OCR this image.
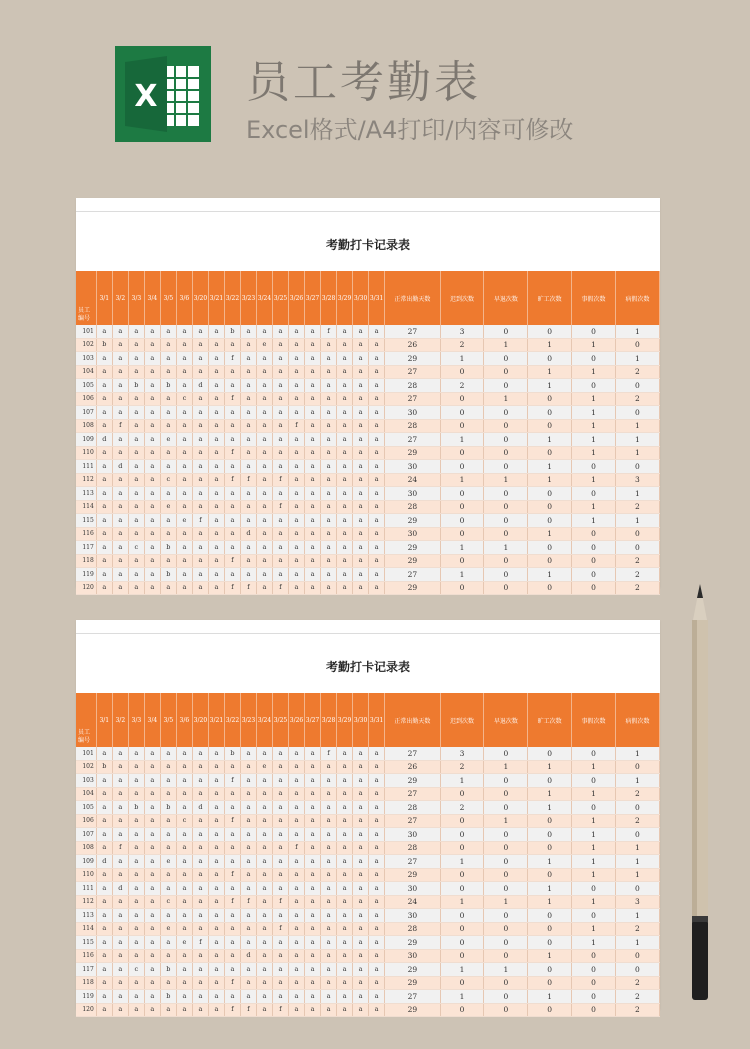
X 员工考勤表
Excel格式/A4打印/内容可修改
考勤打卡记录表
员工
编号	3/1	3/2	3/3	3/4	3/5	3/6	3/20	3/21	3/22	3/23	3/24	3/25	3/26	3/27	3/28	3/29	3/30	3/31	正常出勤天数	迟到次数	早退次数	旷工次数	事假次数	病假次数
101	a	a	a	a	a	a	a	a	b	a	a	a	a	a	f	a	a	a	27	3	0	0	0	1
102	b	a	a	a	a	a	a	a	a	a	e	a	a	a	a	a	a	a	26	2	1	1	1	0
103	a	a	a	a	a	a	a	a	f	a	a	a	a	a	a	a	a	a	29	1	0	0	0	1
104	a	a	a	a	a	a	a	a	a	a	a	a	a	a	a	a	a	a	27	0	0	1	1	2
105	a	a	b	a	b	a	d	a	a	a	a	a	a	a	a	a	a	a	28	2	0	1	0	0
106	a	a	a	a	a	c	a	a	f	a	a	a	a	a	a	a	a	a	27	0	1	0	1	2
107	a	a	a	a	a	a	a	a	a	a	a	a	a	a	a	a	a	a	30	0	0	0	1	0
108	a	f	a	a	a	a	a	a	a	a	a	a	f	a	a	a	a	a	28	0	0	0	1	1
109	d	a	a	a	e	a	a	a	a	a	a	a	a	a	a	a	a	a	27	1	0	1	1	1
110	a	a	a	a	a	a	a	a	f	a	a	a	a	a	a	a	a	a	29	0	0	0	1	1
111	a	d	a	a	a	a	a	a	a	a	a	a	a	a	a	a	a	a	30	0	0	1	0	0
112	a	a	a	a	c	a	a	a	f	f	a	f	a	a	a	a	a	a	24	1	1	1	1	3
113	a	a	a	a	a	a	a	a	a	a	a	a	a	a	a	a	a	a	30	0	0	0	0	1
114	a	a	a	a	e	a	a	a	a	a	a	f	a	a	a	a	a	a	28	0	0	0	1	2
115	a	a	a	a	a	e	f	a	a	a	a	a	a	a	a	a	a	a	29	0	0	0	1	1
116	a	a	a	a	a	a	a	a	a	d	a	a	a	a	a	a	a	a	30	0	0	1	0	0
117	a	a	c	a	b	a	a	a	a	a	a	a	a	a	a	a	a	a	29	1	1	0	0	0
118	a	a	a	a	a	a	a	a	f	a	a	a	a	a	a	a	a	a	29	0	0	0	0	2
119	a	a	a	a	b	a	a	a	a	a	a	a	a	a	a	a	a	a	27	1	0	1	0	2
120	a	a	a	a	a	a	a	a	f	f	a	f	a	a	a	a	a	a	29	0	0	0	0	2
考勤打卡记录表
员工
编号	3/1	3/2	3/3	3/4	3/5	3/6	3/20	3/21	3/22	3/23	3/24	3/25	3/26	3/27	3/28	3/29	3/30	3/31	正常出勤天数	迟到次数	早退次数	旷工次数	事假次数	病假次数
101	a	a	a	a	a	a	a	a	b	a	a	a	a	a	f	a	a	a	27	3	0	0	0	1
102	b	a	a	a	a	a	a	a	a	a	e	a	a	a	a	a	a	a	26	2	1	1	1	0
103	a	a	a	a	a	a	a	a	f	a	a	a	a	a	a	a	a	a	29	1	0	0	0	1
104	a	a	a	a	a	a	a	a	a	a	a	a	a	a	a	a	a	a	27	0	0	1	1	2
105	a	a	b	a	b	a	d	a	a	a	a	a	a	a	a	a	a	a	28	2	0	1	0	0
106	a	a	a	a	a	c	a	a	f	a	a	a	a	a	a	a	a	a	27	0	1	0	1	2
107	a	a	a	a	a	a	a	a	a	a	a	a	a	a	a	a	a	a	30	0	0	0	1	0
108	a	f	a	a	a	a	a	a	a	a	a	a	f	a	a	a	a	a	28	0	0	0	1	1
109	d	a	a	a	e	a	a	a	a	a	a	a	a	a	a	a	a	a	27	1	0	1	1	1
110	a	a	a	a	a	a	a	a	f	a	a	a	a	a	a	a	a	a	29	0	0	0	1	1
111	a	d	a	a	a	a	a	a	a	a	a	a	a	a	a	a	a	a	30	0	0	1	0	0
112	a	a	a	a	c	a	a	a	f	f	a	f	a	a	a	a	a	a	24	1	1	1	1	3
113	a	a	a	a	a	a	a	a	a	a	a	a	a	a	a	a	a	a	30	0	0	0	0	1
114	a	a	a	a	e	a	a	a	a	a	a	f	a	a	a	a	a	a	28	0	0	0	1	2
115	a	a	a	a	a	e	f	a	a	a	a	a	a	a	a	a	a	a	29	0	0	0	1	1
116	a	a	a	a	a	a	a	a	a	d	a	a	a	a	a	a	a	a	30	0	0	1	0	0
117	a	a	c	a	b	a	a	a	a	a	a	a	a	a	a	a	a	a	29	1	1	0	0	0
118	a	a	a	a	a	a	a	a	f	a	a	a	a	a	a	a	a	a	29	0	0	0	0	2
119	a	a	a	a	b	a	a	a	a	a	a	a	a	a	a	a	a	a	27	1	0	1	0	2
120	a	a	a	a	a	a	a	a	f	f	a	f	a	a	a	a	a	a	29	0	0	0	0	2
